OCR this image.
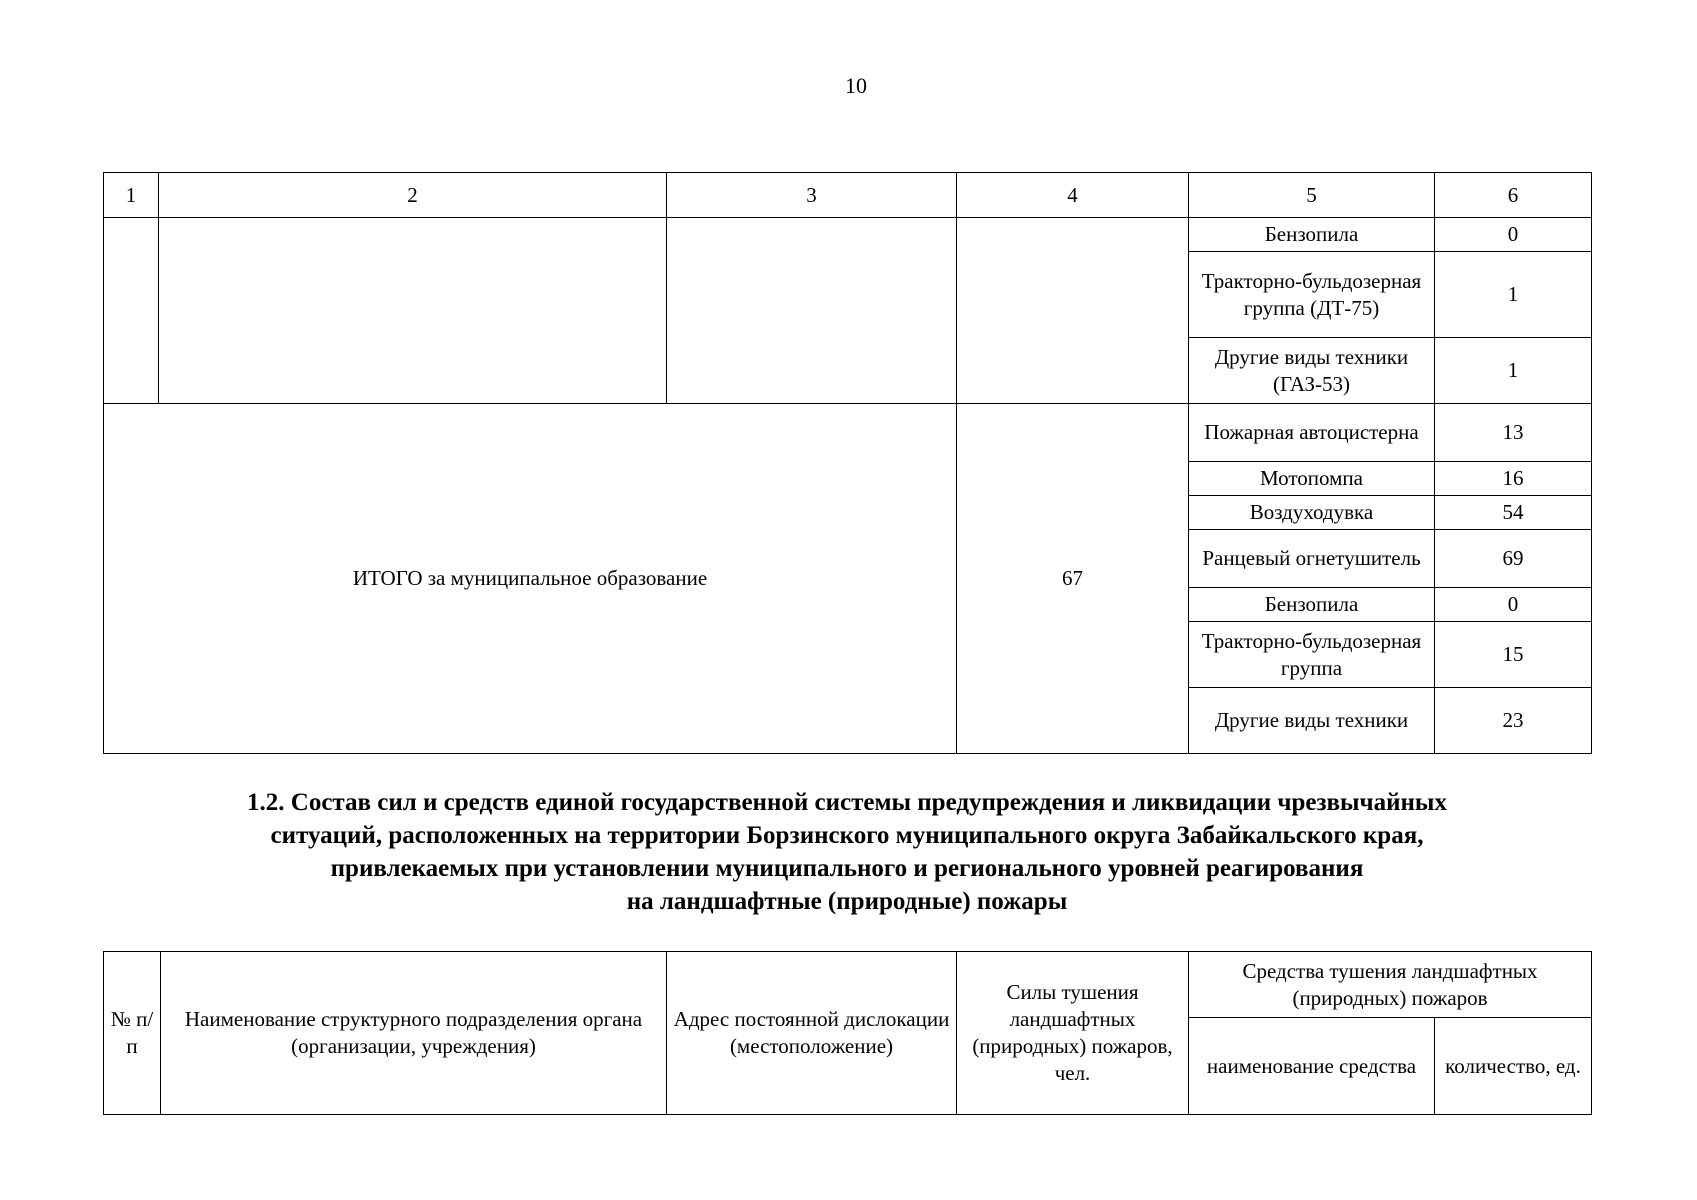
10
1	2	3	4	5	6
				Бензопила	0
				Тракторно-бульдозерная группа (ДТ-75)	1
				Другие виды техники (ГАЗ-53)	1
ИТОГО за муниципальное образование			67	Пожарная автоцистерна	13
				Мотопомпа	16
				Воздуходувка	54
				Ранцевый огнетушитель	69
				Бензопила	0
				Тракторно-бульдозерная группа	15
				Другие виды техники	23
1.2. Состав сил и средств единой государственной системы предупреждения и ликвидации чрезвычайных
ситуаций, расположенных на территории Борзинского муниципального округа Забайкальского края,
привлекаемых при установлении муниципального и регионального уровней реагирования
на ландшафтные (природные) пожары
№ п/п	Наименование структурного подразделения органа (организации, учреждения)	Адрес постоянной дислокации (местоположение)	Силы тушения ландшафтных (природных) пожаров, чел.	Средства тушения ландшафтных (природных) пожаров	
				наименование средства	количество, ед.
